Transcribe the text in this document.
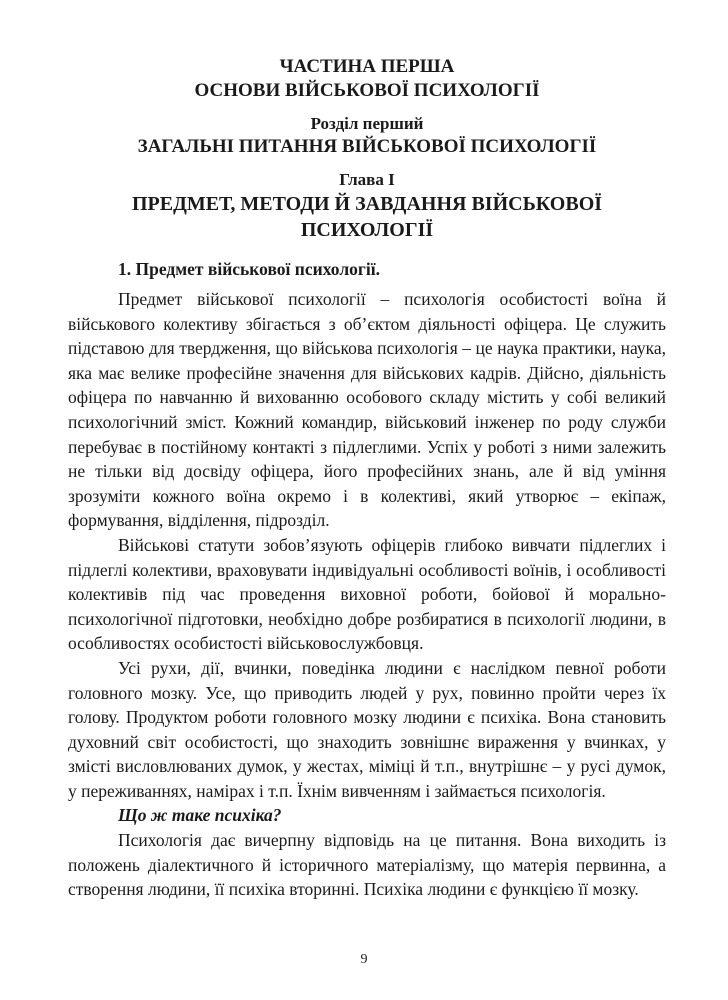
ЧАСТИНА ПЕРША

ОСНОВИ ВІЙСЬКОВОЇ ПСИХОЛОГІЇ

Розділ перший

ЗАГАЛЬНІ ПИТАННЯ ВІЙСЬКОВОЇ ПСИХОЛОГІЇ

Глава I

ПРЕДМЕТ, МЕТОДИ Й ЗАВДАННЯ ВІЙСЬКОВОЇ ПСИХОЛОГІЇ

1. Предмет військової психології.

Предмет військової психології – психологія особистості воїна й військового колективу збігається з об’єктом діяльності офіцера. Це служить підставою для твердження, що військова психологія – це наука практики, наука, яка має велике професійне значення для військових кадрів. Дійсно, діяльність офіцера по навчанню й вихованню особового складу містить у собі великий психологічний зміст. Кожний командир, військовий інженер по роду служби перебуває в постійному контакті з підлеглими. Успіх у роботі з ними залежить не тільки від досвіду офіцера, його професійних знань, але й від уміння зрозуміти кожного воїна окремо і в колективі, який утворює – екіпаж, формування, відділення, підрозділ.

Військові статути зобов’язують офіцерів глибоко вивчати підлеглих і підлеглі колективи, враховувати індивідуальні особливості воїнів, і особливості колективів під час проведення виховної роботи, бойової й морально-психологічної підготовки, необхідно добре розбиратися в психології людини, в особливостях особистості військовослужбовця.

Усі рухи, дії, вчинки, поведінка людини є наслідком певної роботи головного мозку. Усе, що приводить людей у рух, повинно пройти через їх голову. Продуктом роботи головного мозку людини є психіка. Вона становить духовний світ особистості, що знаходить зовнішнє вираження у вчинках, у змісті висловлюваних думок, у жестах, міміці й т.п., внутрішнє – у русі думок, у переживаннях, намірах і т.п. Їхнім вивченням і займається психологія.

Що ж таке психіка?

Психологія дає вичерпну відповідь на це питання. Вона виходить із положень діалектичного й історичного матеріалізму, що матерія первинна, а створення людини, її психіка вторинні. Психіка людини є функцією її мозку.

9
